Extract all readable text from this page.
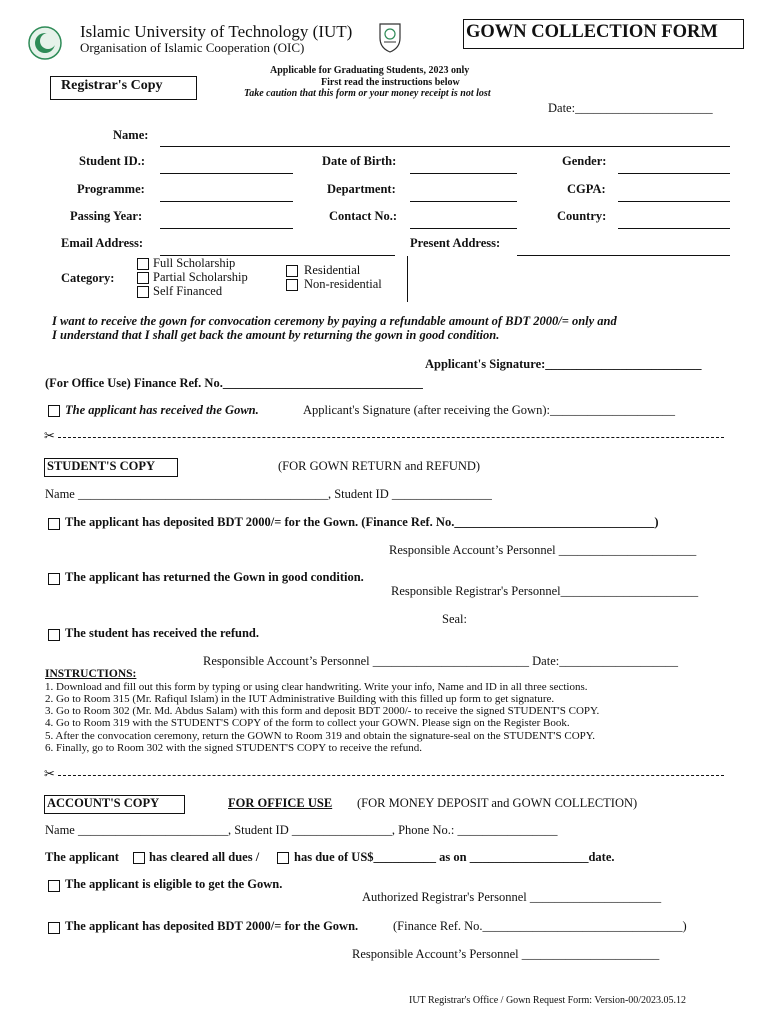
Islamic University of Technology (IUT)
Organisation of Islamic Cooperation (OIC)
GOWN COLLECTION FORM
Registrar's Copy
Applicable for Graduating Students, 2023 only
First read the instructions below
Take caution that this form or your money receipt is not lost
Date:______________________
Name:
Student ID.:	Date of Birth:	Gender:
Programme:	Department:	CGPA:
Passing Year:	Contact No.:	Country:
Email Address:	Present Address:
Category:
Full Scholarship
Partial Scholarship
Self Financed
Residential
Non-residential
I want to receive the gown for convocation ceremony by paying a refundable amount of BDT 2000/= only and
I understand that I shall get back the amount by returning the gown in good condition.
Applicant's Signature:_________________________
(For Office Use) Finance Ref. No.________________________________
The applicant has received the Gown.	Applicant's Signature (after receiving the Gown):____________________
✂
STUDENT'S COPY	(FOR GOWN RETURN and REFUND)
Name ________________________________________, Student ID ________________
The applicant has deposited BDT 2000/= for the Gown. (Finance Ref. No.________________________________)
Responsible Account’s Personnel ______________________
The applicant has returned the Gown in good condition.
Responsible Registrar's Personnel______________________
Seal:
The student has received the refund.
Responsible Account’s Personnel _________________________ Date:___________________
INSTRUCTIONS:
1. Download and fill out this form by typing or using clear handwriting. Write your info, Name and ID in all three sections.
2. Go to Room 315 (Mr. Rafiqul Islam) in the IUT Administrative Building with this filled up form to get signature.
3. Go to Room 302 (Mr. Md. Abdus Salam) with this form and deposit BDT 2000/- to receive the signed STUDENT'S COPY.
4. Go to Room 319 with the STUDENT'S COPY of the form to collect your GOWN. Please sign on the Register Book.
5. After the convocation ceremony, return the GOWN to Room 319 and obtain the signature-seal on the STUDENT'S COPY.
6. Finally, go to Room 302 with the signed STUDENT'S COPY to receive the refund.
✂
ACCOUNT'S COPY	FOR OFFICE USE (FOR MONEY DEPOSIT and GOWN COLLECTION)
Name ________________________, Student ID ________________, Phone No.: ________________
The applicant has cleared all dues /	has due of US$__________ as on ___________________date.
The applicant is eligible to get the Gown.
Authorized Registrar's Personnel _____________________
The applicant has deposited BDT 2000/= for the Gown.	(Finance Ref. No.________________________________)
Responsible Account’s Personnel ______________________
IUT Registrar's Office / Gown Request Form: Version-00/2023.05.12
